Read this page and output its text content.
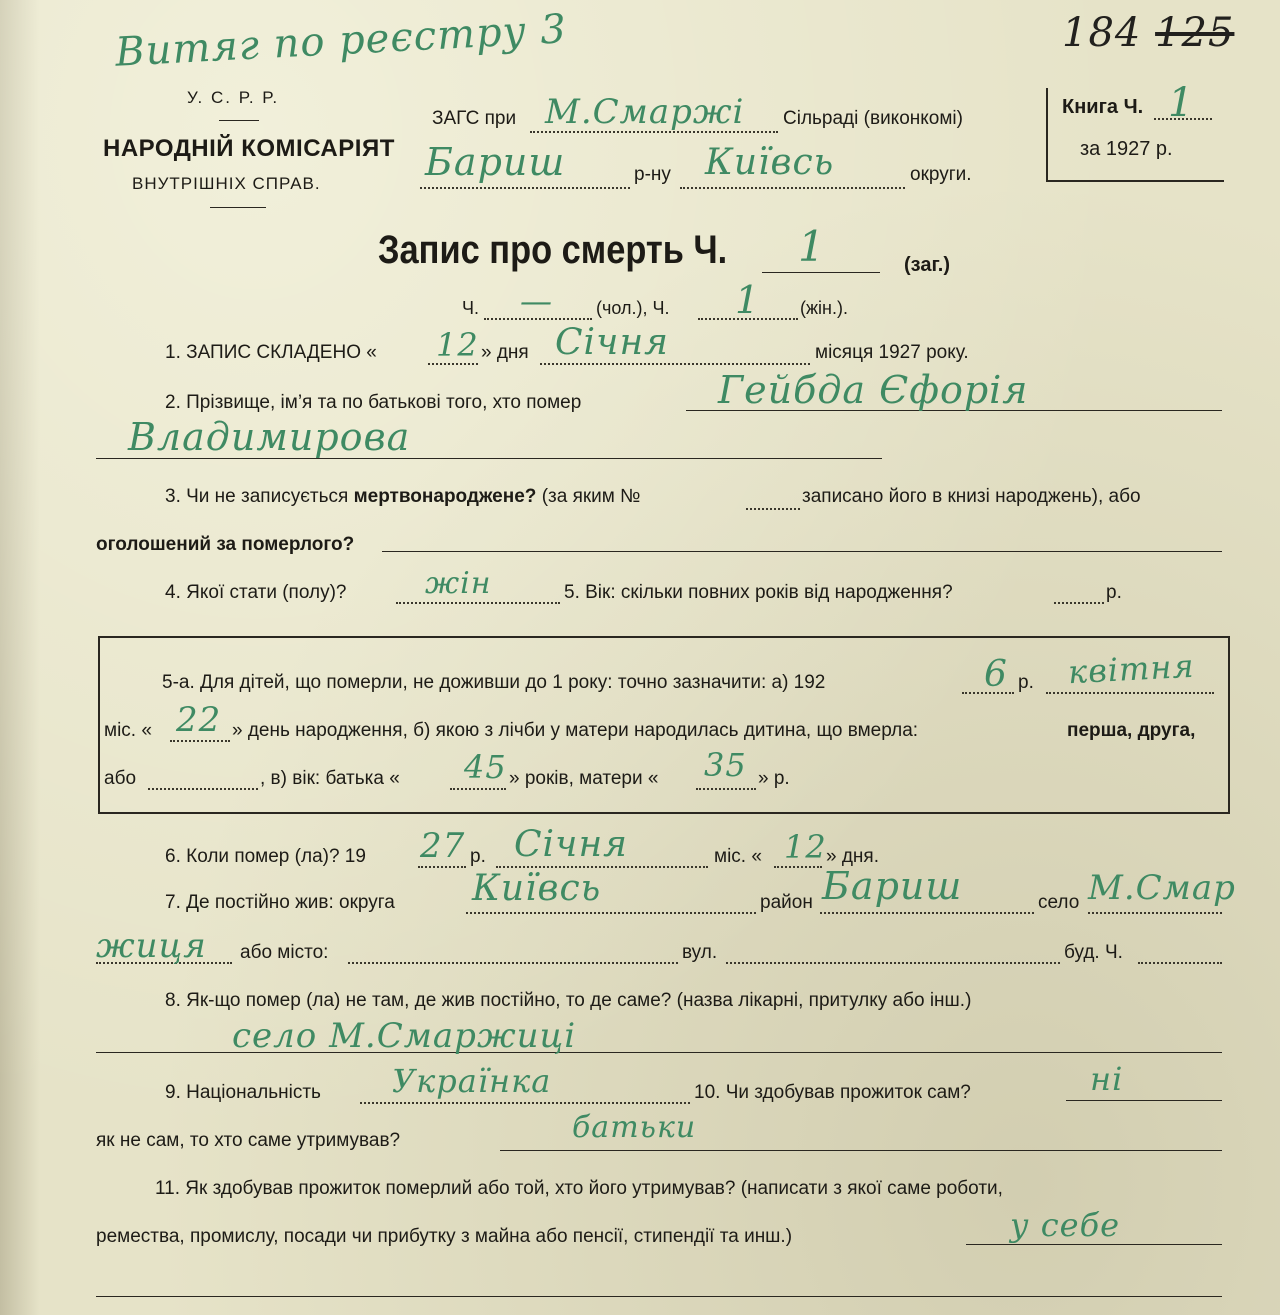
Витяг по реєстру 3	184 125
У. С. Р. Р.
НАРОДНІЙ КОМІСАРІЯТ
ВНУТРІШНІХ СПРАВ.
ЗАГС при М.Смаржі Сільраді (виконкомі)
Бариш	р-ну Київсь	округи.
Книга Ч. 1
за 1927 р.
Запис про смерть Ч. 1	(заг.)
Ч. — (чол.), Ч. 1 (жін.).
1. ЗАПИС СКЛАДЕНО « 12 » дня Січня	місяця 1927 року.
2. Прізвище, ім’я та по батькові того, хто помер	Гейбда Єфорія
Владимирова
3. Чи не записується мертвонароджене? (за яким №	записано його в книзі народжень), або
оголошений за померлого?
4. Якої стати (полу)?	жін	5. Вік: скільки повних років від народження?	р.
5-а. Для дітей, що померли, не доживши до 1 року: точно зазначити: а) 192	6 р. квітня
міс. « 22 » день народження, б) якою з лічби у матери народилась дитина, що вмерла:	перша, друга,
або	, в) вік: батька « 45 » років, матери « 35 » р.
6. Коли помер (ла)? 19 27 р. Січня	міс. « 12 » дня.
7. Де постійно жив: округа Київсь	район Бариш	село М.Смар
жиця або місто:	вул.	буд. Ч.
8. Як-що помер (ла) не там, де жив постійно, то де саме? (назва лікарні, притулку або інш.)
село М.Смаржиці
9. Національність Українка	10. Чи здобував прожиток сам?	ні
як не сам, то хто саме утримував?	батьки
11. Як здобував прожиток померлий або той, хто його утримував? (написати з якої саме роботи,
ремества, промислу, посади чи прибутку з майна або пенсії, стипендії та инш.)	у себе
